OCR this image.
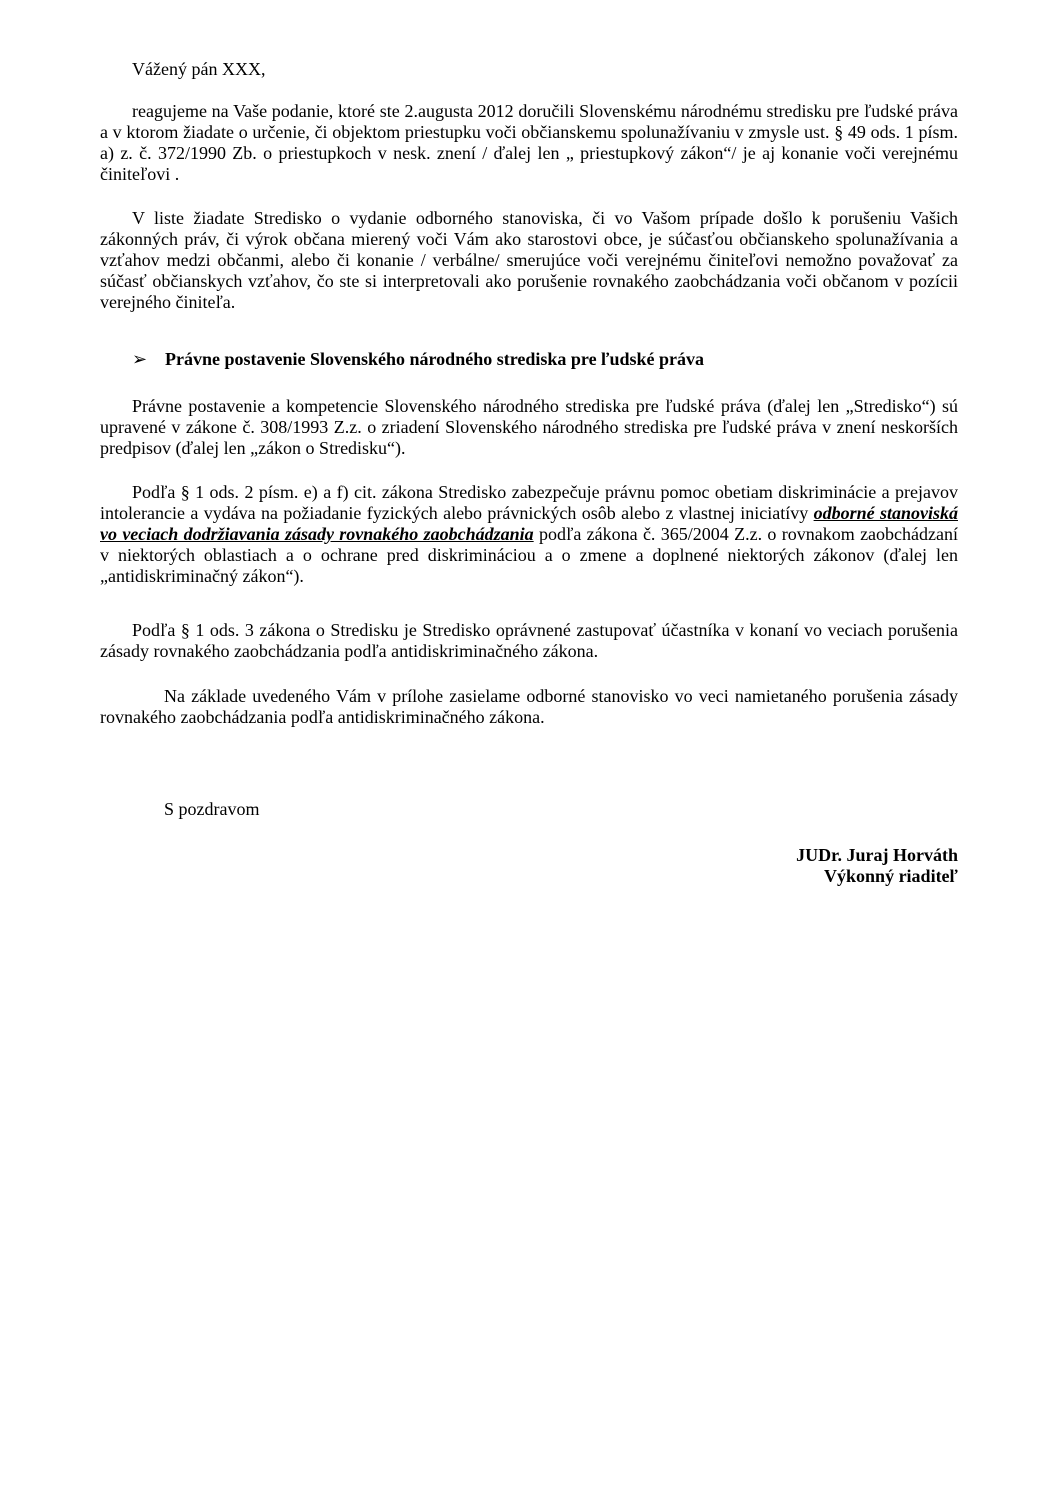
Vážený pán XXX,

reagujeme na Vaše podanie, ktoré ste 2.augusta 2012 doručili Slovenskému národnému stredisku pre ľudské práva a v ktorom žiadate o určenie, či objektom priestupku voči občianskemu spolunažívaniu v zmysle ust. § 49 ods. 1 písm. a) z. č. 372/1990 Zb. o priestupkoch v nesk. znení / ďalej len „ priestupkový zákon“/ je aj konanie voči verejnému činiteľovi .

V liste žiadate Stredisko o vydanie odborného stanoviska, či vo Vašom prípade došlo k porušeniu Vašich zákonných práv, či výrok občana mierený voči Vám ako starostovi obce, je súčasťou občianskeho spolunažívania a vzťahov medzi občanmi, alebo či konanie / verbálne/ smerujúce voči verejnému činiteľovi nemožno považovať za súčasť občianskych vzťahov, čo ste si interpretovali ako porušenie rovnakého zaobchádzania voči občanom v pozícii verejného činiteľa.

➢ Právne postavenie Slovenského národného strediska pre ľudské práva

Právne postavenie a kompetencie Slovenského národného strediska pre ľudské práva (ďalej len „Stredisko“) sú upravené v zákone č. 308/1993 Z.z. o zriadení Slovenského národného strediska pre ľudské práva v znení neskorších predpisov (ďalej len „zákon o Stredisku“).

Podľa § 1 ods. 2 písm. e) a f) cit. zákona Stredisko zabezpečuje právnu pomoc obetiam diskriminácie a prejavov intolerancie a vydáva na požiadanie fyzických alebo právnických osôb alebo z vlastnej iniciatívy odborné stanoviská vo veciach dodržiavania zásady rovnakého zaobchádzania podľa zákona č. 365/2004 Z.z. o rovnakom zaobchádzaní v niektorých oblastiach a o ochrane pred diskrimináciou a o zmene a doplnené niektorých zákonov (ďalej len „antidiskriminačný zákon“).

Podľa § 1 ods. 3 zákona o Stredisku je Stredisko oprávnené zastupovať účastníka v konaní vo veciach porušenia zásady rovnakého zaobchádzania podľa antidiskriminačného zákona.

Na základe uvedeného Vám v prílohe zasielame odborné stanovisko vo veci namietaného porušenia zásady rovnakého zaobchádzania podľa antidiskriminačného zákona.

S pozdravom

JUDr. Juraj Horváth
Výkonný riaditeľ
